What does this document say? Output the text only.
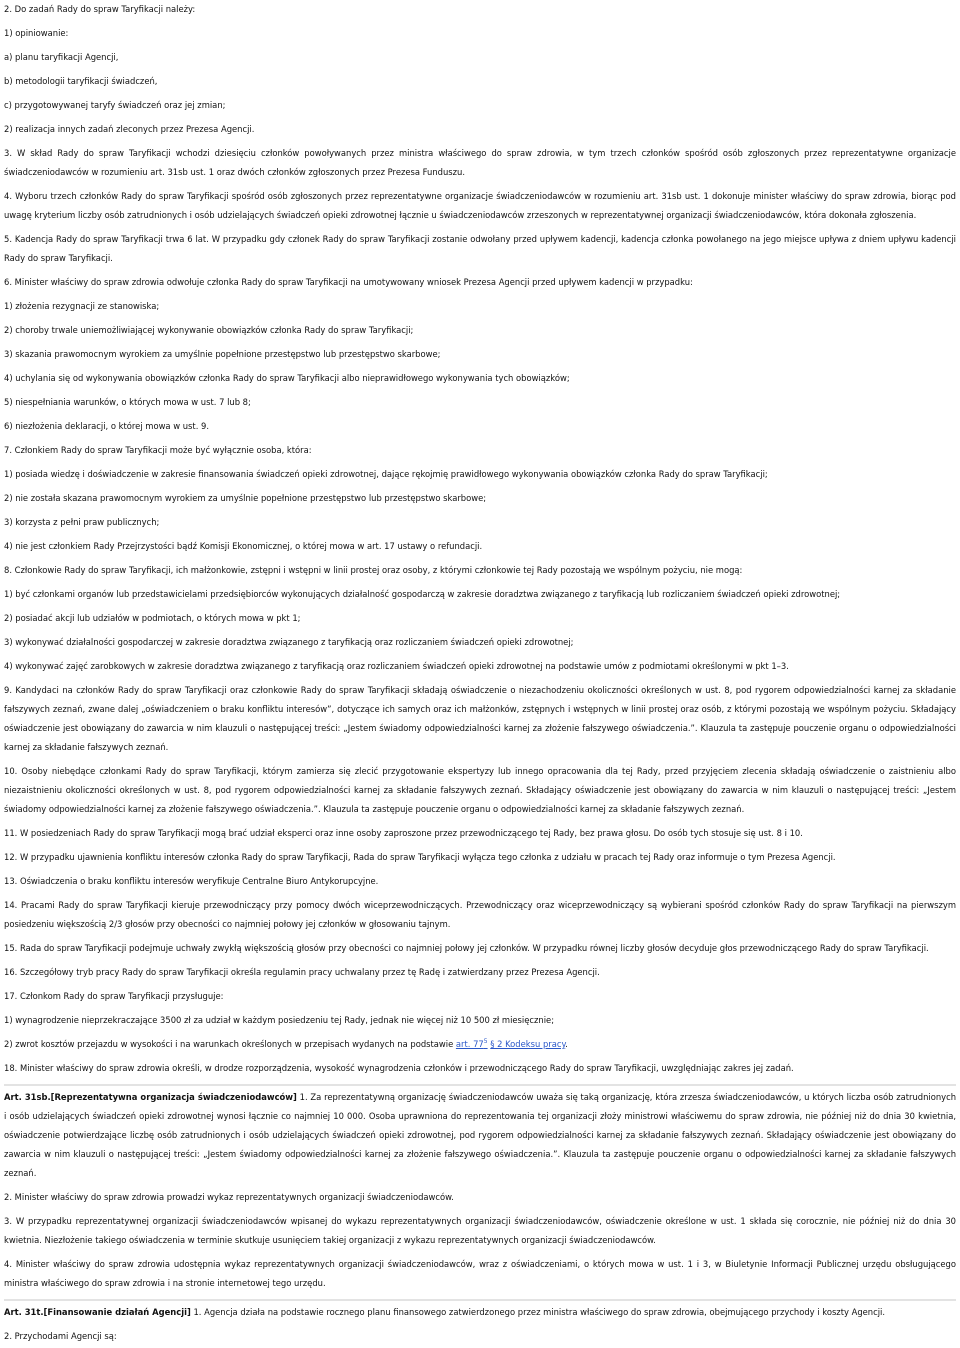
2. Do zadań Rady do spraw Taryfikacji należy:

1) opiniowanie:

a) planu taryfikacji Agencji,

b) metodologii taryfikacji świadczeń,

c) przygotowywanej taryfy świadczeń oraz jej zmian;

2) realizacja innych zadań zleconych przez Prezesa Agencji.

3. W skład Rady do spraw Taryfikacji wchodzi dziesięciu członków powoływanych przez ministra właściwego do spraw zdrowia, w tym trzech członków spośród osób zgłoszonych przez reprezentatywne organizacje świadczeniodawców w rozumieniu art. 31sb ust. 1 oraz dwóch członków zgłoszonych przez Prezesa Funduszu.

4. Wyboru trzech członków Rady do spraw Taryfikacji spośród osób zgłoszonych przez reprezentatywne organizacje świadczeniodawców w rozumieniu art. 31sb ust. 1 dokonuje minister właściwy do spraw zdrowia, biorąc pod uwagę kryterium liczby osób zatrudnionych i osób udzielających świadczeń opieki zdrowotnej łącznie u świadczeniodawców zrzeszonych w reprezentatywnej organizacji świadczeniodawców, która dokonała zgłoszenia.

5. Kadencja Rady do spraw Taryfikacji trwa 6 lat. W przypadku gdy członek Rady do spraw Taryfikacji zostanie odwołany przed upływem kadencji, kadencja członka powołanego na jego miejsce upływa z dniem upływu kadencji Rady do spraw Taryfikacji.

6. Minister właściwy do spraw zdrowia odwołuje członka Rady do spraw Taryfikacji na umotywowany wniosek Prezesa Agencji przed upływem kadencji w przypadku:

1) złożenia rezygnacji ze stanowiska;

2) choroby trwale uniemożliwiającej wykonywanie obowiązków członka Rady do spraw Taryfikacji;

3) skazania prawomocnym wyrokiem za umyślnie popełnione przestępstwo lub przestępstwo skarbowe;

4) uchylania się od wykonywania obowiązków członka Rady do spraw Taryfikacji albo nieprawidłowego wykonywania tych obowiązków;

5) niespełniania warunków, o których mowa w ust. 7 lub 8;

6) niezłożenia deklaracji, o której mowa w ust. 9.

7. Członkiem Rady do spraw Taryfikacji może być wyłącznie osoba, która:

1) posiada wiedzę i doświadczenie w zakresie finansowania świadczeń opieki zdrowotnej, dające rękojmię prawidłowego wykonywania obowiązków członka Rady do spraw Taryfikacji;

2) nie została skazana prawomocnym wyrokiem za umyślnie popełnione przestępstwo lub przestępstwo skarbowe;

3) korzysta z pełni praw publicznych;

4) nie jest członkiem Rady Przejrzystości bądź Komisji Ekonomicznej, o której mowa w art. 17 ustawy o refundacji.

8. Członkowie Rady do spraw Taryfikacji, ich małżonkowie, zstępni i wstępni w linii prostej oraz osoby, z którymi członkowie tej Rady pozostają we wspólnym pożyciu, nie mogą:

1) być członkami organów lub przedstawicielami przedsiębiorców wykonujących działalność gospodarczą w zakresie doradztwa związanego z taryfikacją lub rozliczaniem świadczeń opieki zdrowotnej;

2) posiadać akcji lub udziałów w podmiotach, o których mowa w pkt 1;

3) wykonywać działalności gospodarczej w zakresie doradztwa związanego z taryfikacją oraz rozliczaniem świadczeń opieki zdrowotnej;

4) wykonywać zajęć zarobkowych w zakresie doradztwa związanego z taryfikacją oraz rozliczaniem świadczeń opieki zdrowotnej na podstawie umów z podmiotami określonymi w pkt 1–3.

9. Kandydaci na członków Rady do spraw Taryfikacji oraz członkowie Rady do spraw Taryfikacji składają oświadczenie o niezachodzeniu okoliczności określonych w ust. 8, pod rygorem odpowiedzialności karnej za składanie fałszywych zeznań, zwane dalej „oświadczeniem o braku konfliktu interesów”, dotyczące ich samych oraz ich małżonków, zstępnych i wstępnych w linii prostej oraz osób, z którymi pozostają we wspólnym pożyciu. Składający oświadczenie jest obowiązany do zawarcia w nim klauzuli o następującej treści: „Jestem świadomy odpowiedzialności karnej za złożenie fałszywego oświadczenia.”. Klauzula ta zastępuje pouczenie organu o odpowiedzialności karnej za składanie fałszywych zeznań.

10. Osoby niebędące członkami Rady do spraw Taryfikacji, którym zamierza się zlecić przygotowanie ekspertyzy lub innego opracowania dla tej Rady, przed przyjęciem zlecenia składają oświadczenie o zaistnieniu albo niezaistnieniu okoliczności określonych w ust. 8, pod rygorem odpowiedzialności karnej za składanie fałszywych zeznań. Składający oświadczenie jest obowiązany do zawarcia w nim klauzuli o następującej treści: „Jestem świadomy odpowiedzialności karnej za złożenie fałszywego oświadczenia.”. Klauzula ta zastępuje pouczenie organu o odpowiedzialności karnej za składanie fałszywych zeznań.

11. W posiedzeniach Rady do spraw Taryfikacji mogą brać udział eksperci oraz inne osoby zaproszone przez przewodniczącego tej Rady, bez prawa głosu. Do osób tych stosuje się ust. 8 i 10.

12. W przypadku ujawnienia konfliktu interesów członka Rady do spraw Taryfikacji, Rada do spraw Taryfikacji wyłącza tego członka z udziału w pracach tej Rady oraz informuje o tym Prezesa Agencji.

13. Oświadczenia o braku konfliktu interesów weryfikuje Centralne Biuro Antykorupcyjne.

14. Pracami Rady do spraw Taryfikacji kieruje przewodniczący przy pomocy dwóch wiceprzewodniczących. Przewodniczący oraz wiceprzewodniczący są wybierani spośród członków Rady do spraw Taryfikacji na pierwszym posiedzeniu większością 2/3 głosów przy obecności co najmniej połowy jej członków w głosowaniu tajnym.

15. Rada do spraw Taryfikacji podejmuje uchwały zwykłą większością głosów przy obecności co najmniej połowy jej członków. W przypadku równej liczby głosów decyduje głos przewodniczącego Rady do spraw Taryfikacji.

16. Szczegółowy tryb pracy Rady do spraw Taryfikacji określa regulamin pracy uchwalany przez tę Radę i zatwierdzany przez Prezesa Agencji.

17. Członkom Rady do spraw Taryfikacji przysługuje:

1) wynagrodzenie nieprzekraczające 3500 zł za udział w każdym posiedzeniu tej Rady, jednak nie więcej niż 10 500 zł miesięcznie;

2) zwrot kosztów przejazdu w wysokości i na warunkach określonych w przepisach wydanych na podstawie art. 77$^5$ § 2 Kodeksu pracy.

18. Minister właściwy do spraw zdrowia określi, w drodze rozporządzenia, wysokość wynagrodzenia członków i przewodniczącego Rady do spraw Taryfikacji, uwzględniając zakres jej zadań.

Art. 31sb.[Reprezentatywna organizacja świadczeniodawców] 1. Za reprezentatywną organizację świadczeniodawców uważa się taką organizację, która zrzesza świadczeniodawców, u których liczba osób zatrudnionych i osób udzielających świadczeń opieki zdrowotnej wynosi łącznie co najmniej 10 000. Osoba uprawniona do reprezentowania tej organizacji złoży ministrowi właściwemu do spraw zdrowia, nie później niż do dnia 30 kwietnia, oświadczenie potwierdzające liczbę osób zatrudnionych i osób udzielających świadczeń opieki zdrowotnej, pod rygorem odpowiedzialności karnej za składanie fałszywych zeznań. Składający oświadczenie jest obowiązany do zawarcia w nim klauzuli o następującej treści: „Jestem świadomy odpowiedzialności karnej za złożenie fałszywego oświadczenia.”. Klauzula ta zastępuje pouczenie organu o odpowiedzialności karnej za składanie fałszywych zeznań.

2. Minister właściwy do spraw zdrowia prowadzi wykaz reprezentatywnych organizacji świadczeniodawców.

3. W przypadku reprezentatywnej organizacji świadczeniodawców wpisanej do wykazu reprezentatywnych organizacji świadczeniodawców, oświadczenie określone w ust. 1 składa się corocznie, nie później niż do dnia 30 kwietnia. Niezłożenie takiego oświadczenia w terminie skutkuje usunięciem takiej organizacji z wykazu reprezentatywnych organizacji świadczeniodawców.

4. Minister właściwy do spraw zdrowia udostępnia wykaz reprezentatywnych organizacji świadczeniodawców, wraz z oświadczeniami, o których mowa w ust. 1 i 3, w Biuletynie Informacji Publicznej urzędu obsługującego ministra właściwego do spraw zdrowia i na stronie internetowej tego urzędu.

Art. 31t.[Finansowanie działań Agencji] 1. Agencja działa na podstawie rocznego planu finansowego zatwierdzonego przez ministra właściwego do spraw zdrowia, obejmującego przychody i koszty Agencji.

2. Przychodami Agencji są:
